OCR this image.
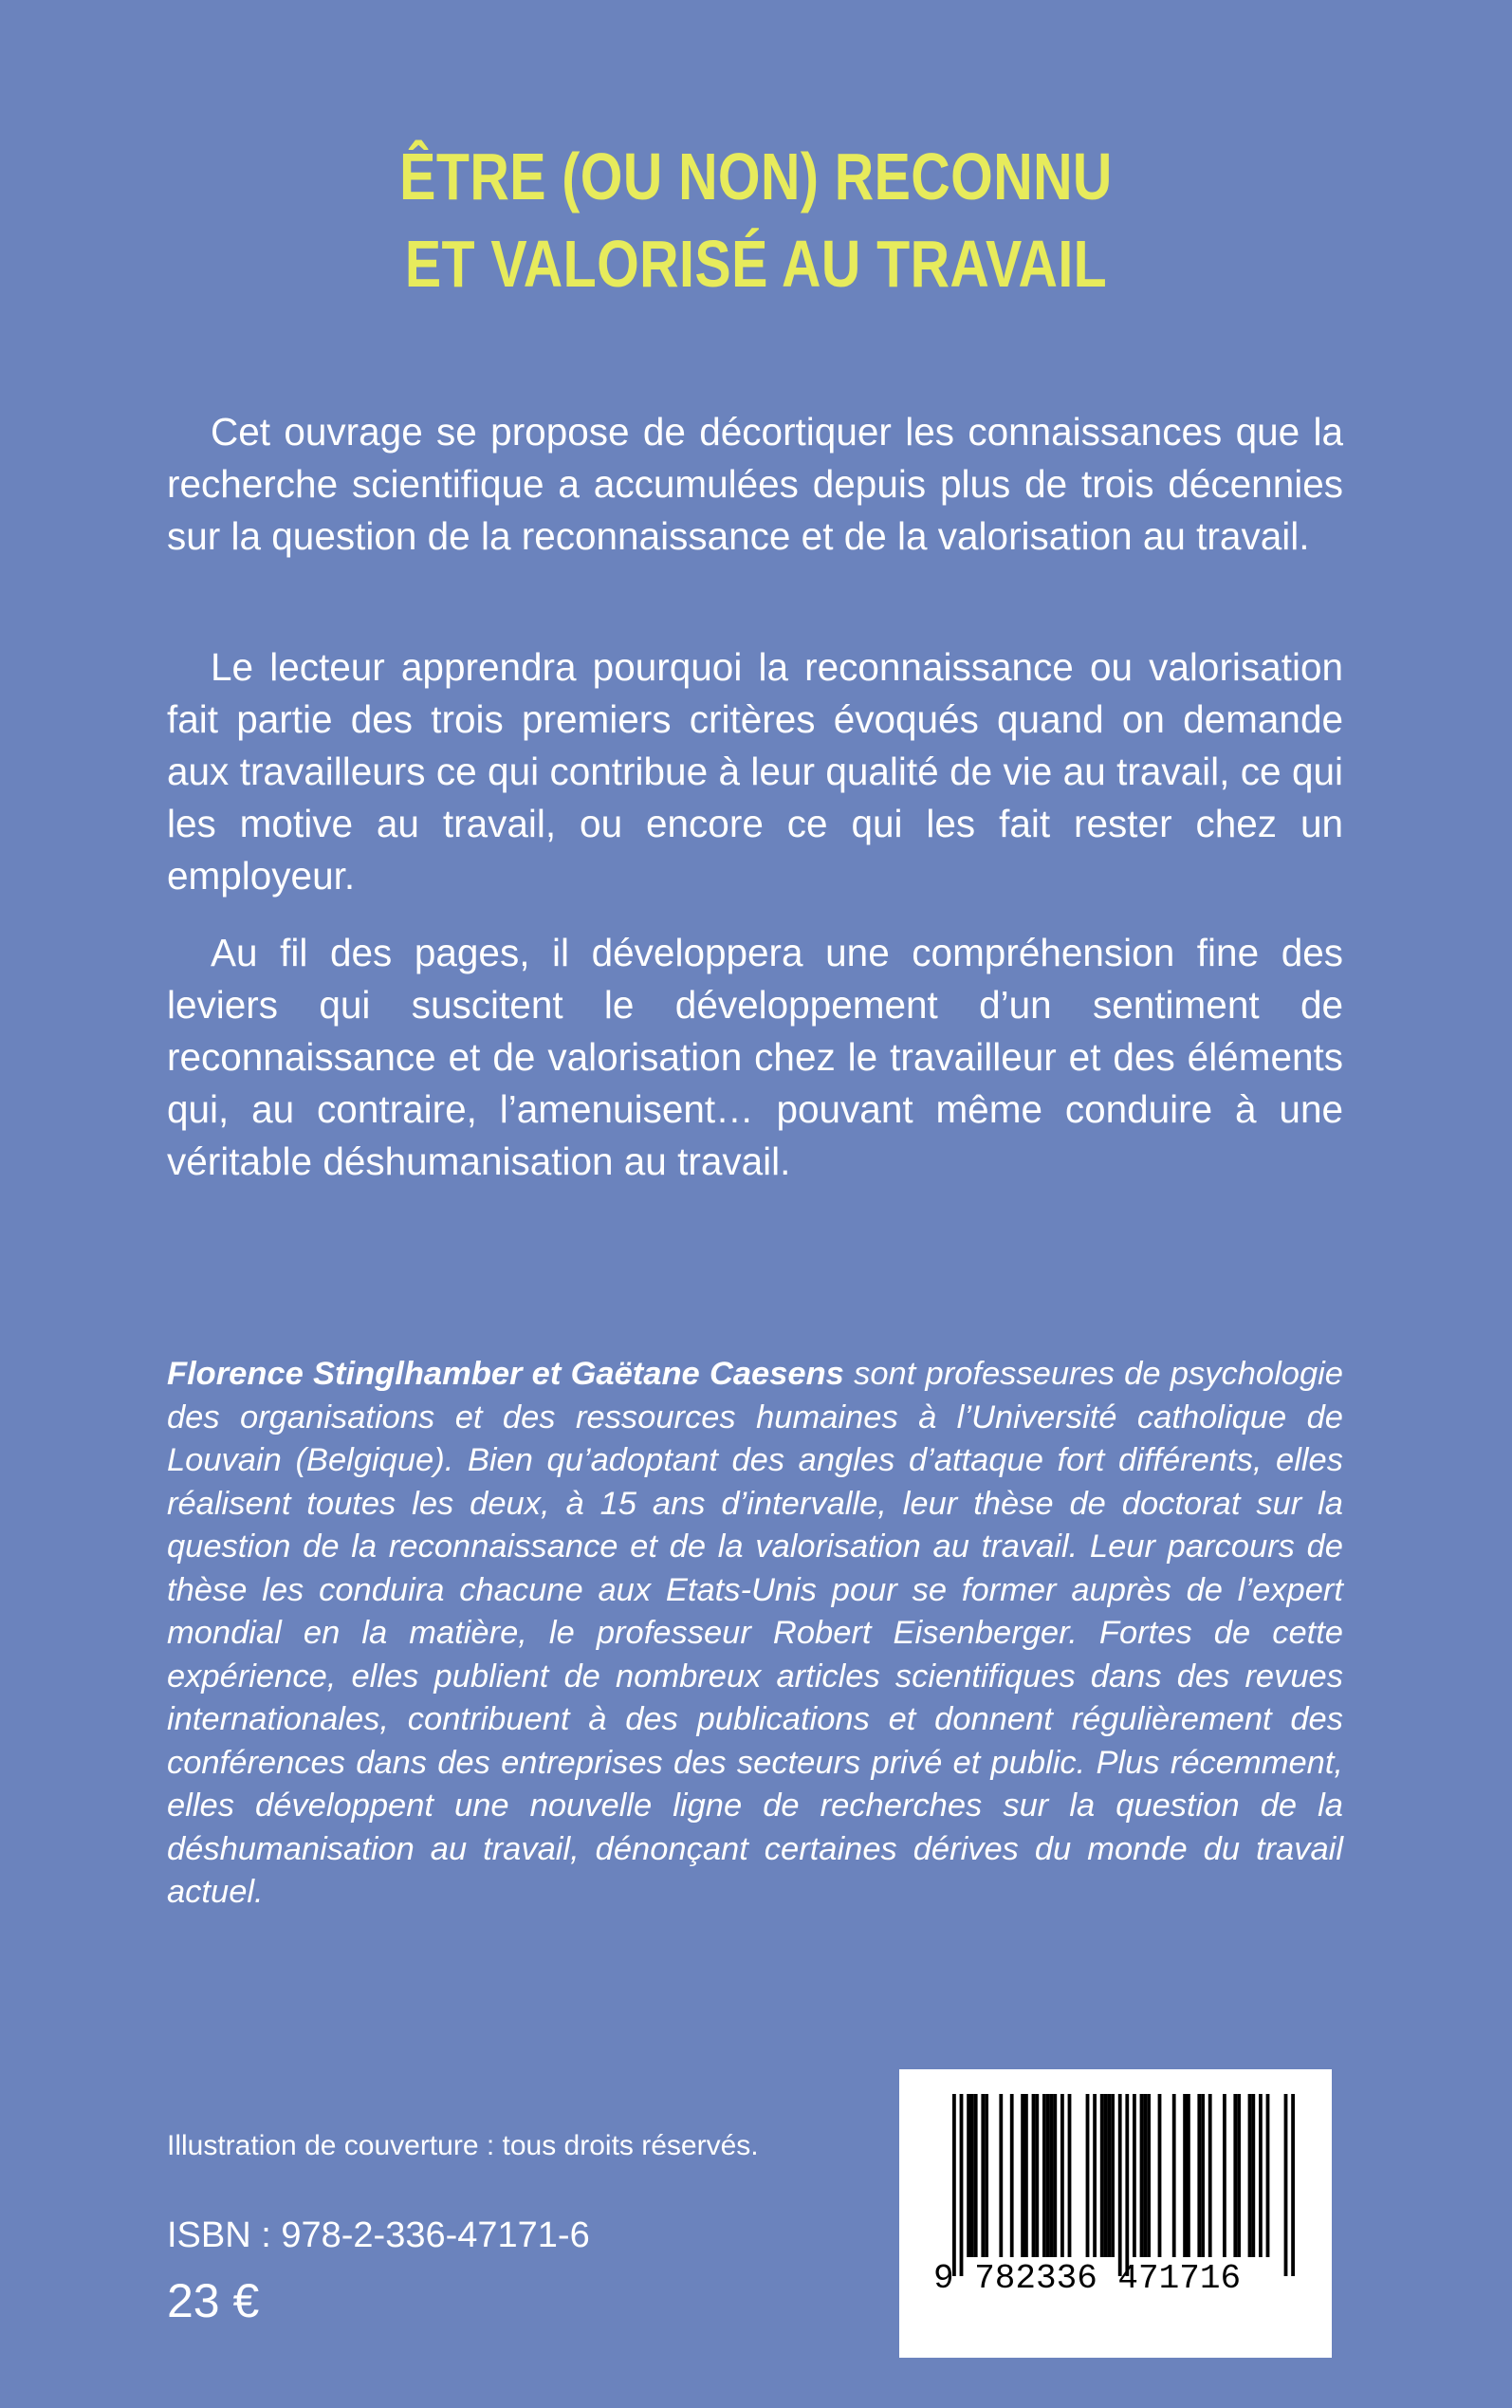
ÊTRE (OU NON) RECONNU
ET VALORISÉ AU TRAVAIL

Cet ouvrage se propose de décortiquer les connaissances que la recherche scientifique a accumulées depuis plus de trois décennies sur la question de la reconnaissance et de la valorisation au travail.

Le lecteur apprendra pourquoi la reconnaissance ou valorisation fait partie des trois premiers critères évoqués quand on demande aux travailleurs ce qui contribue à leur qualité de vie au travail, ce qui les motive au travail, ou encore ce qui les fait rester chez un employeur.

Au fil des pages, il développera une compréhension fine des leviers qui suscitent le développement d’un sentiment de reconnaissance et de valorisation chez le travailleur et des éléments qui, au contraire, l’amenuisent… pouvant même conduire à une véritable déshumanisation au travail.

Florence Stinglhamber et Gaëtane Caesens sont professeures de psychologie des organisations et des ressources humaines à l’Université catholique de Louvain (Belgique). Bien qu’adoptant des angles d’attaque fort différents, elles réalisent toutes les deux, à 15 ans d’intervalle, leur thèse de doctorat sur la question de la reconnaissance et de la valorisation au travail. Leur parcours de thèse les conduira chacune aux Etats-Unis pour se former auprès de l’expert mondial en la matière, le professeur Robert Eisenberger. Fortes de cette expérience, elles publient de nombreux articles scientifiques dans des revues internationales, contribuent à des publications et donnent régulièrement des conférences dans des entreprises des secteurs privé et public. Plus récemment, elles développent une nouvelle ligne de recherches sur la question de la déshumanisation au travail, dénonçant certaines dérives du monde du travail actuel.
Illustration de couverture : tous droits réservés.
ISBN : 978-2-336-47171-6
23 €	9 782336 471716
